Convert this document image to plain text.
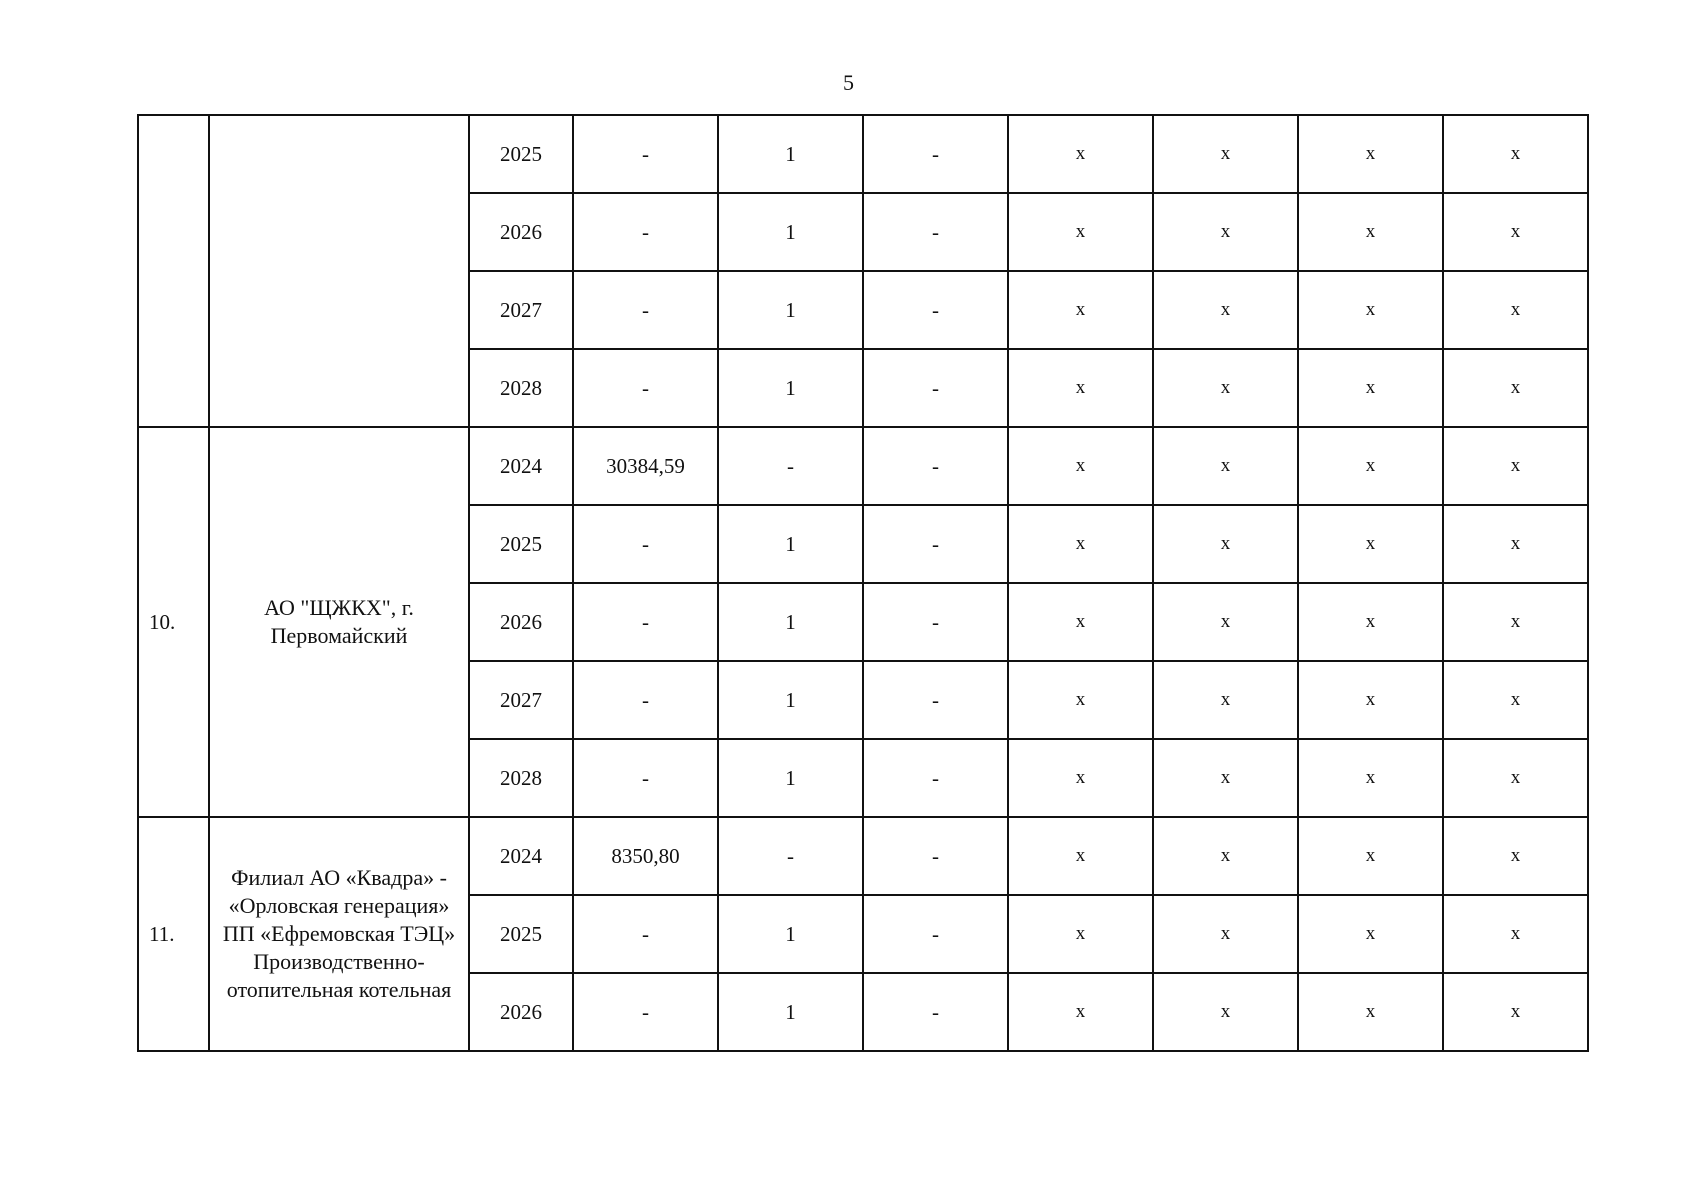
5
		2025	-	1	-	x	x	x	x
		2026	-	1	-	x	x	x	x
		2027	-	1	-	x	x	x	x
		2028	-	1	-	x	x	x	x
10.	АО "ЩЖКХ", г. Первомайский	2024	30384,59	-	-	x	x	x	x
		2025	-	1	-	x	x	x	x
		2026	-	1	-	x	x	x	x
		2027	-	1	-	x	x	x	x
		2028	-	1	-	x	x	x	x
11.	Филиал АО «Квадра» - «Орловская генерация» ПП «Ефремовская ТЭЦ» Производственно-отопительная котельная	2024	8350,80	-	-	x	x	x	x
		2025	-	1	-	x	x	x	x
		2026	-	1	-	x	x	x	x
